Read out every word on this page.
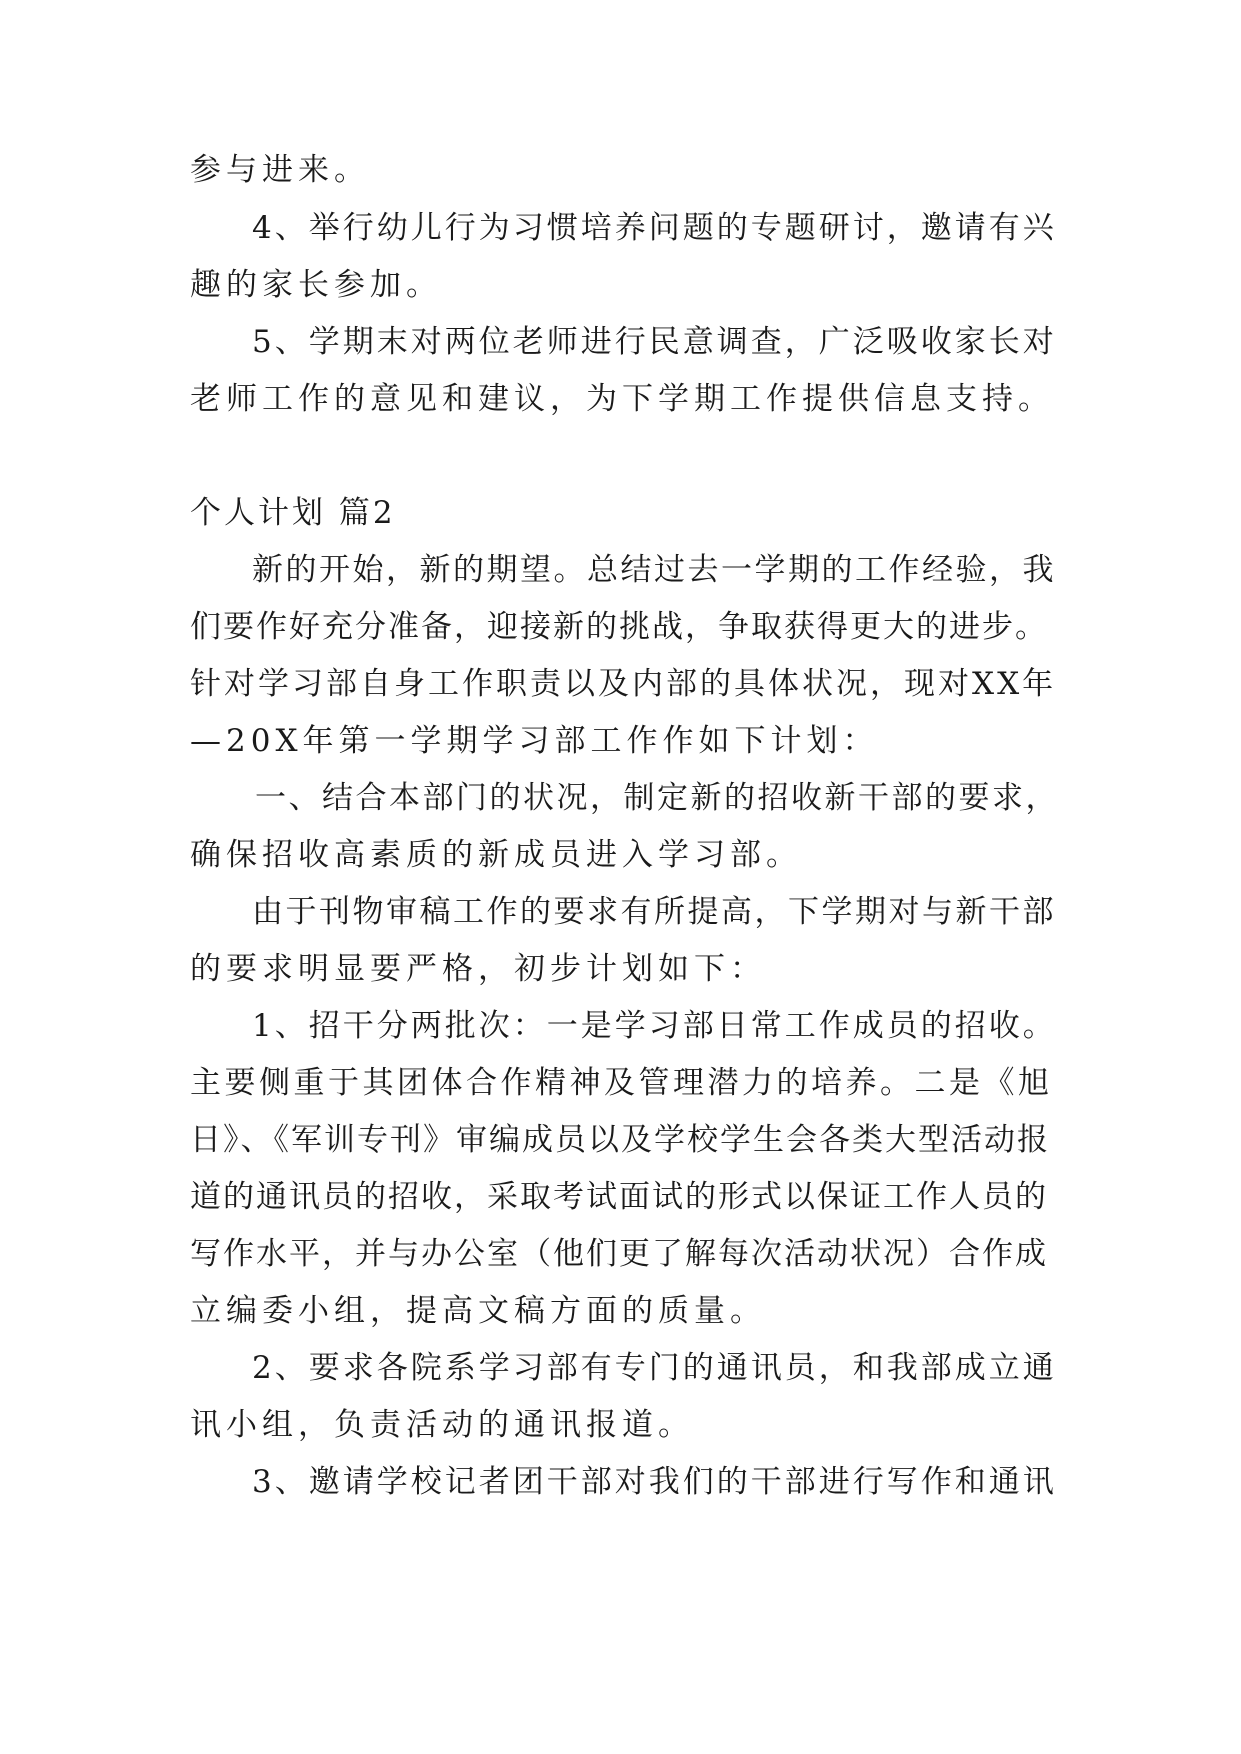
参与进来。
4、举行幼儿行为习惯培养问题的专题研讨，邀请有兴
趣的家长参加。
5、学期末对两位老师进行民意调查，广泛吸收家长对
老师工作的意见和建议，为下学期工作提供信息支持。
个人计划 篇2
新的开始，新的期望。总结过去一学期的工作经验，我
们要作好充分准备，迎接新的挑战，争取获得更大的进步。
针对学习部自身工作职责以及内部的具体状况，现对XX年
—20X年第一学期学习部工作作如下计划：
一、结合本部门的状况，制定新的招收新干部的要求，
确保招收高素质的新成员进入学习部。
由于刊物审稿工作的要求有所提高，下学期对与新干部
的要求明显要严格，初步计划如下：
1、招干分两批次：一是学习部日常工作成员的招收。
主要侧重于其团体合作精神及管理潜力的培养。二是《旭
日》、《军训专刊》审编成员以及学校学生会各类大型活动报
道的通讯员的招收，采取考试面试的形式以保证工作人员的
写作水平，并与办公室（他们更了解每次活动状况）合作成
立编委小组，提高文稿方面的质量。
2、要求各院系学习部有专门的通讯员，和我部成立通
讯小组，负责活动的通讯报道。
3、邀请学校记者团干部对我们的干部进行写作和通讯
